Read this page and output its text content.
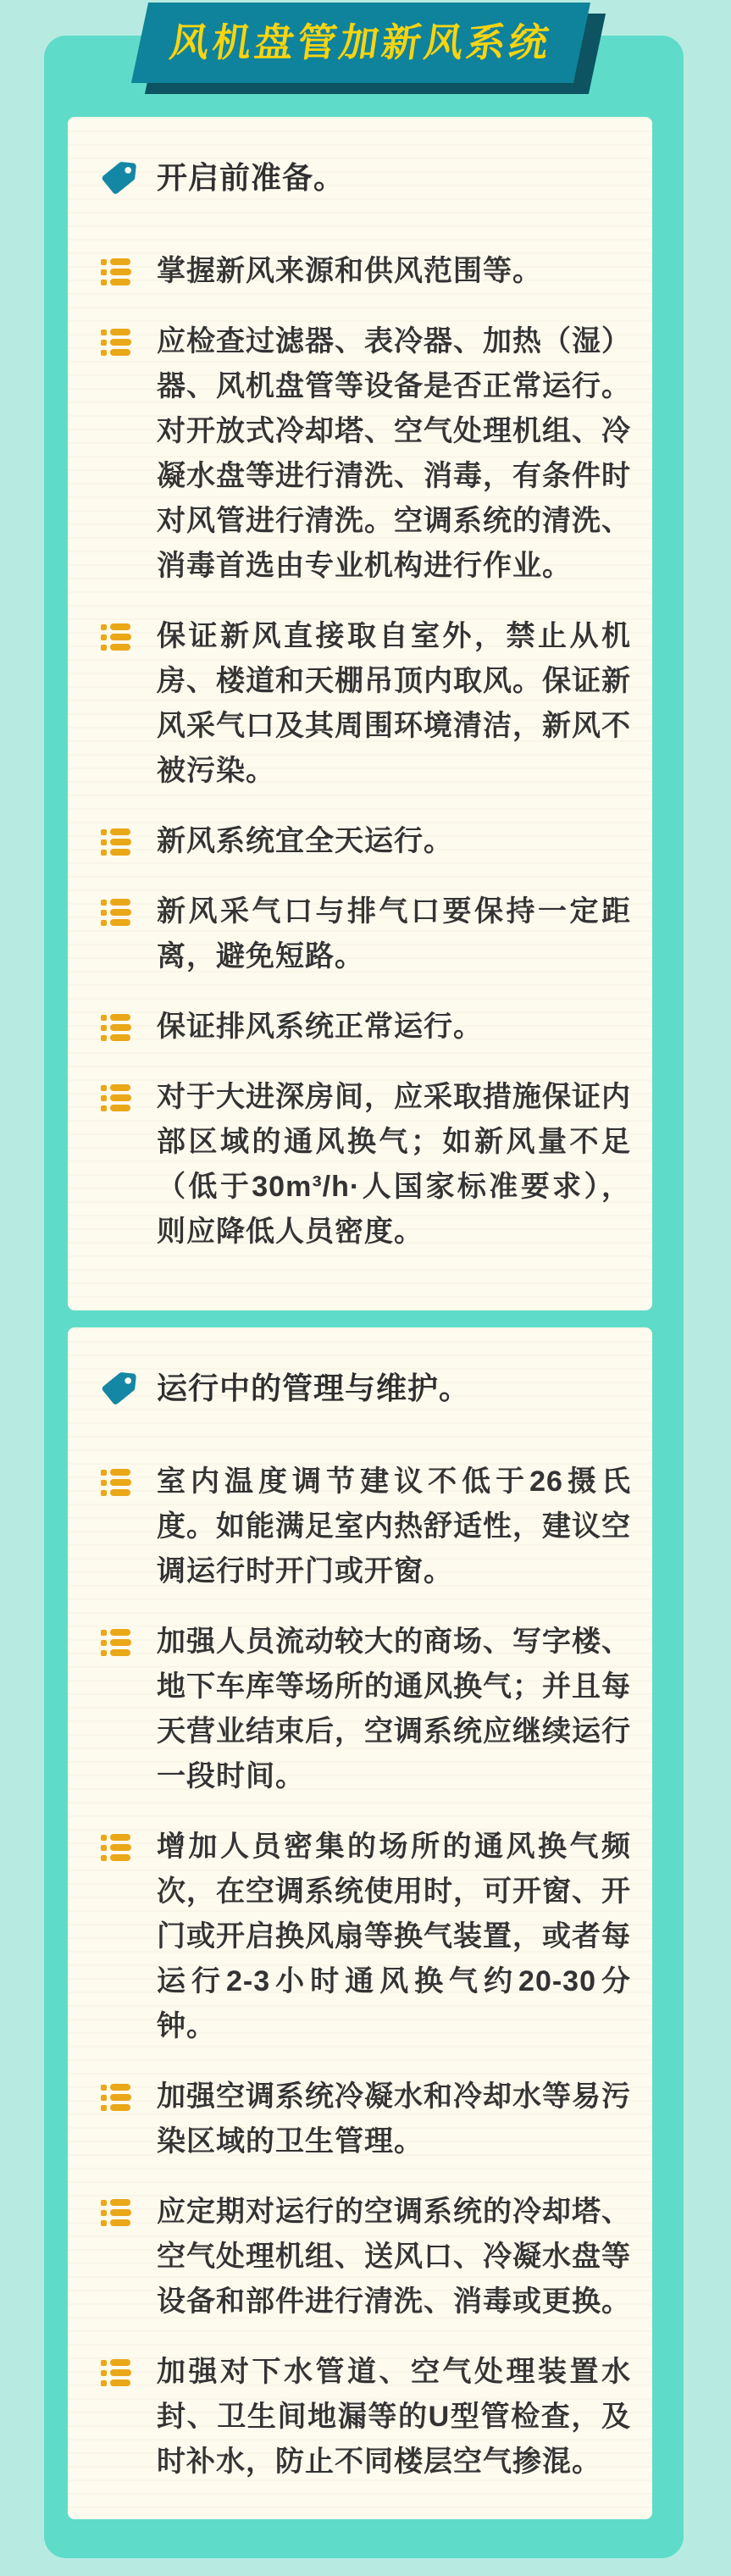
开启前准备。

掌握新风来源和供风范围等。

应检查过滤器、表冷器、加热（湿）器、风机盘管等设备是否正常运行。对开放式冷却塔、空气处理机组、冷凝水盘等进行清洗、消毒，有条件时对风管进行清洗。空调系统的清洗、消毒首选由专业机构进行作业。

保证新风直接取自室外，禁止从机房、楼道和天棚吊顶内取风。保证新风采气口及其周围环境清洁，新风不被污染。

新风系统宜全天运行。

新风采气口与排气口要保持一定距离，避免短路。

保证排风系统正常运行。

对于大进深房间，应采取措施保证内部区域的通风换气；如新风量不足（低于30m³/h·人国家标准要求），则应降低人员密度。

运行中的管理与维护。

室内温度调节建议不低于26摄氏度。如能满足室内热舒适性，建议空调运行时开门或开窗。

加强人员流动较大的商场、写字楼、地下车库等场所的通风换气；并且每天营业结束后，空调系统应继续运行一段时间。

增加人员密集的场所的通风换气频次，在空调系统使用时，可开窗、开门或开启换风扇等换气装置，或者每运行2-3小时通风换气约20-30分钟。

加强空调系统冷凝水和冷却水等易污染区域的卫生管理。

应定期对运行的空调系统的冷却塔、空气处理机组、送风口、冷凝水盘等设备和部件进行清洗、消毒或更换。

加强对下水管道、空气处理装置水封、卫生间地漏等的U型管检查，及时补水，防止不同楼层空气掺混。

风机盘管加新风系统
